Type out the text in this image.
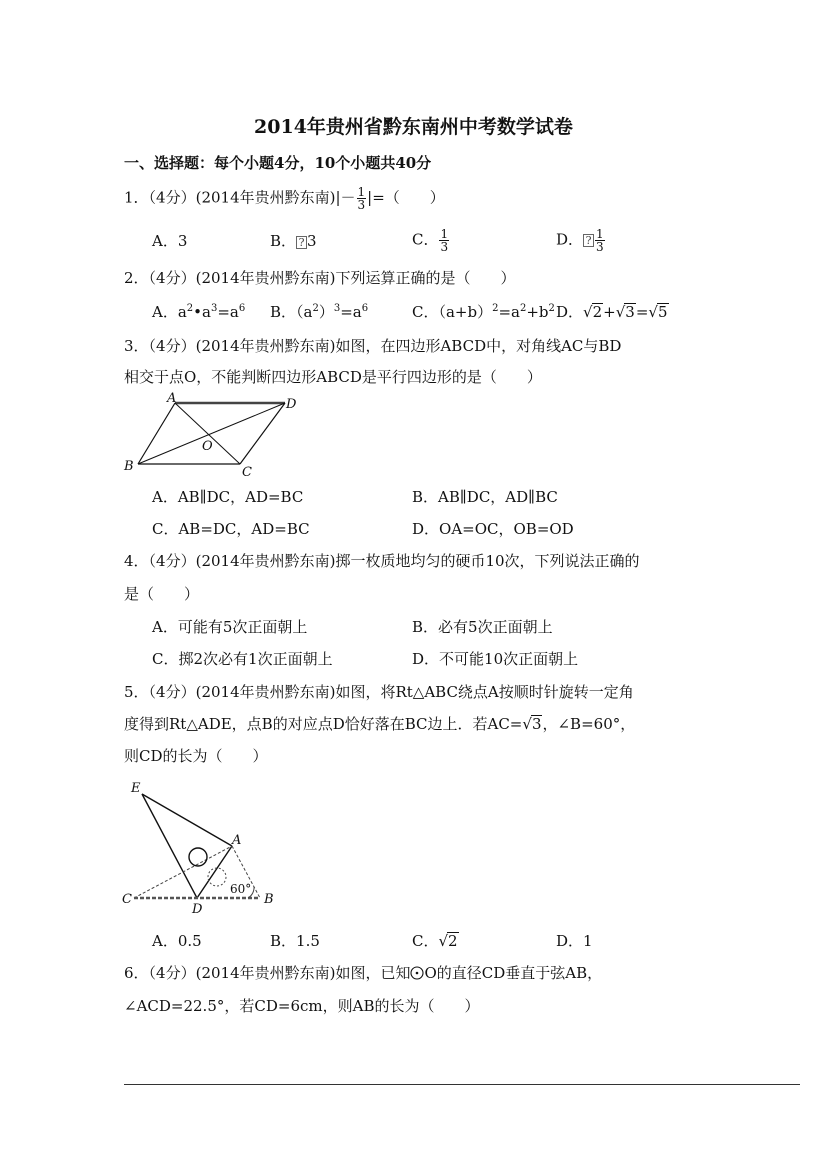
2014年贵州省黔东南州中考数学试卷
一、选择题：每个小题4分，10个小题共40分
1．（4分）(2014年贵州黔东南)|－ $\frac{1}{3}$ |=（　　）
A．3	B． ? 3	C． $\frac{1}{3}$	D． ? $\frac{1}{3}$
2．（4分）(2014年贵州黔东南)下列运算正确的是（　　）
A．$a^2•a^3=a^6$ B．$(a^2)^3=a^6$	C．$(a+b)^2=a^2+b^2$ D．√2+√3=√5
3．（4分）(2014年贵州黔东南)如图，在四边形ABCD中，对角线AC与BD
相交于点O，不能判断四边形ABCD是平行四边形的是（　　）
A	D
B	C
O
A．AB∥DC，AD=BC	B．AB∥DC，AD∥BC
C．AB=DC，AD=BC	D．OA=OC，OB=OD
4．（4分）(2014年贵州黔东南)掷一枚质地均匀的硬币10次，下列说法正确的
是（　　）
A．可能有5次正面朝上	B．必有5次正面朝上
C．掷2次必有1次正面朝上	D．不可能10次正面朝上
5．（4分）(2014年贵州黔东南)如图，将Rt△ABC绕点A按顺时针旋转一定角
度得到Rt△ADE，点B的对应点D恰好落在BC边上．若AC=√3，∠B=60°，
则CD的长为（　　）
E
A
C
D
B
60°
A．0.5	B．1.5	C．√2	D．1
6．（4分）(2014年贵州黔东南)如图，已知 O的直径CD垂直于弦AB，
∠ACD=22.5°，若CD=6cm，则AB的长为（　　）
